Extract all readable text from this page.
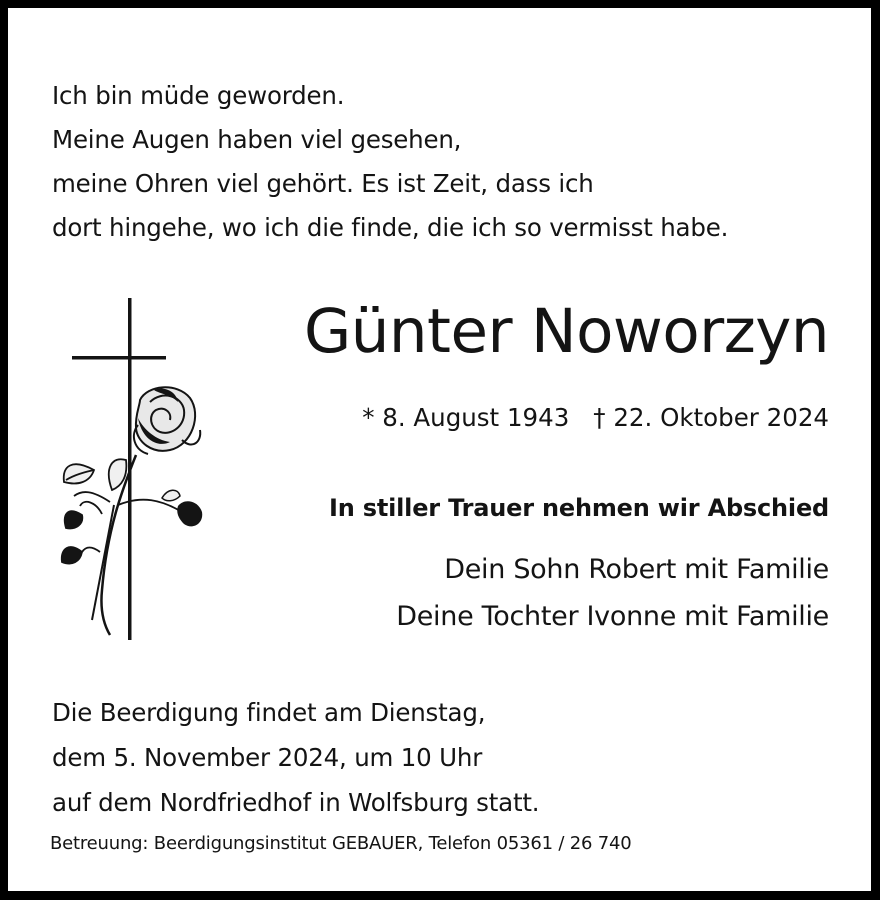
Ich bin müde geworden.
Meine Augen haben viel gesehen,
meine Ohren viel gehört. Es ist Zeit, dass ich
dort hingehe, wo ich die finde, die ich so vermisst habe.
Günter Noworzyn
* 8. August 1943 † 22. Oktober 2024
In stiller Trauer nehmen wir Abschied
Dein Sohn Robert mit Familie
Deine Tochter Ivonne mit Familie
Die Beerdigung findet am Dienstag,
dem 5. November 2024, um 10 Uhr
auf dem Nordfriedhof in Wolfsburg statt.
Betreuung: Beerdigungsinstitut GEBAUER, Telefon 05361 / 26 740
